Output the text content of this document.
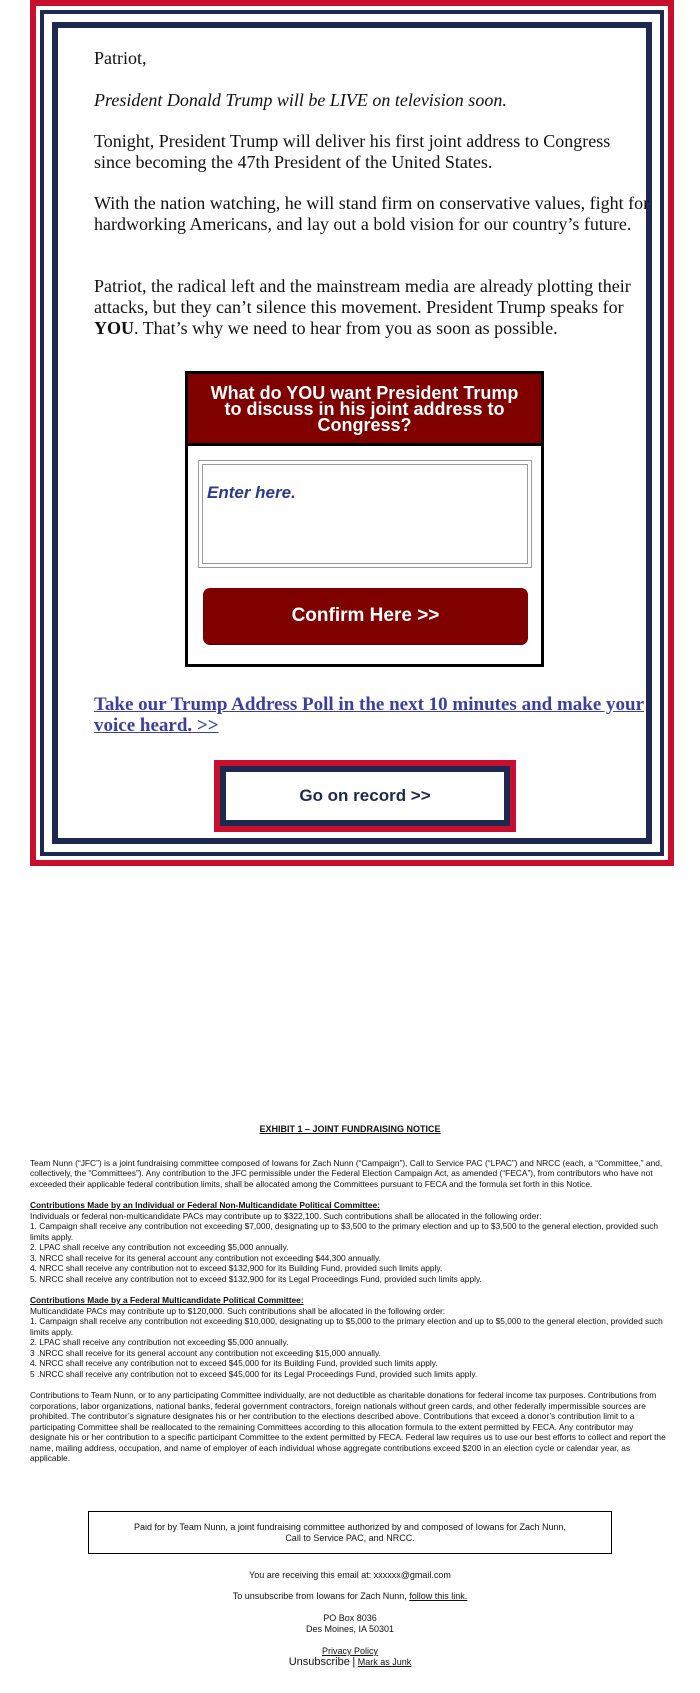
Patriot,

President Donald Trump will be LIVE on television soon.

Tonight, President Trump will deliver his first joint address to Congress since becoming the 47th President of the United States.

With the nation watching, he will stand firm on conservative values, fight for hardworking Americans, and lay out a bold vision for our country’s future.

Patriot, the radical left and the mainstream media are already plotting their attacks, but they can’t silence this movement. President Trump speaks for YOU. That’s why we need to hear from you as soon as possible.

What do YOU want President Trump to discuss in his joint address to Congress?
Enter here.
Confirm Here >>
Take our Trump Address Poll in the next 10 minutes and make your voice heard. >>
Go on record >>

EXHIBIT 1 – JOINT FUNDRAISING NOTICE

Team Nunn (“JFC”) is a joint fundraising committee composed of Iowans for Zach Nunn (“Campaign”), Call to Service PAC (“LPAC”) and NRCC (each, a “Committee,” and, collectively, the “Committees”). Any contribution to the JFC permissible under the Federal Election Campaign Act, as amended (“FECA”), from contributors who have not exceeded their applicable federal contribution limits, shall be allocated among the Committees pursuant to FECA and the formula set forth in this Notice.

Contributions Made by an Individual or Federal Non-Multicandidate Political Committee:

Individuals or federal non-multicandidate PACs may contribute up to $322,100. Such contributions shall be allocated in the following order:

1. Campaign shall receive any contribution not exceeding $7,000, designating up to $3,500 to the primary election and up to $3,500 to the general election, provided such limits apply.

2. LPAC shall receive any contribution not exceeding $5,000 annually.

3. NRCC shall receive for its general account any contribution not exceeding $44,300 annually.

4. NRCC shall receive any contribution not to exceed $132,900 for its Building Fund, provided such limits apply.

5. NRCC shall receive any contribution not to exceed $132,900 for its Legal Proceedings Fund, provided such limits apply.

Contributions Made by a Federal Multicandidate Political Committee:

Multicandidate PACs may contribute up to $120,000. Such contributions shall be allocated in the following order:

1. Campaign shall receive any contribution not exceeding $10,000, designating up to $5,000 to the primary election and up to $5,000 to the general election, provided such limits apply.

2. LPAC shall receive any contribution not exceeding $5,000 annually.

3 .NRCC shall receive for its general account any contribution not exceeding $15,000 annually.

4. NRCC shall receive any contribution not to exceed $45,000 for its Building Fund, provided such limits apply.

5 .NRCC shall receive any contribution not to exceed $45,000 for its Legal Proceedings Fund, provided such limits apply.

Contributions to Team Nunn, or to any participating Committee individually, are not deductible as charitable donations for federal income tax purposes. Contributions from corporations, labor organizations, national banks, federal government contractors, foreign nationals without green cards, and other federally impermissible sources are prohibited. The contributor’s signature designates his or her contribution to the elections described above. Contributions that exceed a donor’s contribution limit to a participating Committee shall be reallocated to the remaining Committees according to this allocation formula to the extent permitted by FECA. Any contributor may designate his or her contribution to a specific participant Committee to the extent permitted by FECA. Federal law requires us to use our best efforts to collect and report the name, mailing address, occupation, and name of employer of each individual whose aggregate contributions exceed $200 in an election cycle or calendar year, as applicable.

Paid for by Team Nunn, a joint fundraising committee authorized by and composed of Iowans for Zach Nunn, Call to Service PAC, and NRCC.
You are receiving this email at: xxxxxx@gmail.com
To unsubscribe from Iowans for Zach Nunn, follow this link.
PO Box 8036
Des Moines, IA 50301
Privacy Policy
Unsubscribe | Mark as Junk
